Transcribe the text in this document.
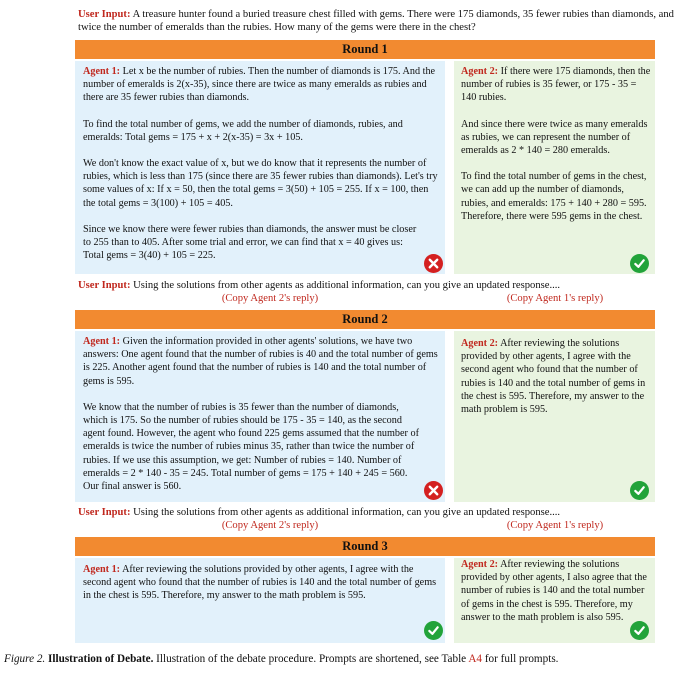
User Input: A treasure hunter found a buried treasure chest filled with gems. There were 175 diamonds, 35 fewer rubies than diamonds, and twice the number of emeralds than the rubies. How many of the gems were there in the chest?
Round 1

Agent 1: Let x be the number of rubies. Then the number of diamonds is 175. And the number of emeralds is 2(x-35), since there are twice as many emeralds as rubies and there are 35 fewer rubies than diamonds.

To find the total number of gems, we add the number of diamonds, rubies, and emeralds: Total gems = 175 + x + 2(x-35) = 3x + 105.

We don't know the exact value of x, but we do know that it represents the number of rubies, which is less than 175 (since there are 35 fewer rubies than diamonds). Let's try some values of x: If x = 50, then the total gems = 3(50) + 105 = 255. If x = 100, then the total gems = 3(100) + 105 = 405.

Since we know there were fewer rubies than diamonds, the answer must be closer to 255 than to 405. After some trial and error, we can find that x = 40 gives us: Total gems = 3(40) + 105 = 225.

Agent 2: If there were 175 diamonds, then the number of rubies is 35 fewer, or 175 - 35 = 140 rubies.

And since there were twice as many emeralds as rubies, we can represent the number of emeralds as 2 * 140 = 280 emeralds.

To find the total number of gems in the chest, we can add up the number of diamonds, rubies, and emeralds: 175 + 140 + 280 = 595. Therefore, there were 595 gems in the chest.

User Input: Using the solutions from other agents as additional information, can you give an updated response....
(Copy Agent 2's reply)	(Copy Agent 1's reply)
Round 2

Agent 1: Given the information provided in other agents' solutions, we have two answers: One agent found that the number of rubies is 40 and the total number of gems is 225. Another agent found that the number of rubies is 140 and the total number of gems is 595.

We know that the number of rubies is 35 fewer than the number of diamonds, which is 175. So the number of rubies should be 175 - 35 = 140, as the second agent found. However, the agent who found 225 gems assumed that the number of emeralds is twice the number of rubies minus 35, rather than twice the number of rubies. If we use this assumption, we get: Number of rubies = 140. Number of emeralds = 2 * 140 - 35 = 245. Total number of gems = 175 + 140 + 245 = 560. Our final answer is 560.

Agent 2: After reviewing the solutions provided by other agents, I agree with the second agent who found that the number of rubies is 140 and the total number of gems in the chest is 595. Therefore, my answer to the math problem is 595.

User Input: Using the solutions from other agents as additional information, can you give an updated response....
(Copy Agent 2's reply)	(Copy Agent 1's reply)
Round 3

Agent 1: After reviewing the solutions provided by other agents, I agree with the second agent who found that the number of rubies is 140 and the total number of gems in the chest is 595. Therefore, my answer to the math problem is 595.

Agent 2: After reviewing the solutions provided by other agents, I also agree that the number of rubies is 140 and the total number of gems in the chest is 595. Therefore, my answer to the math problem is also 595.

Figure 2. Illustration of Debate. Illustration of the debate procedure. Prompts are shortened, see Table A4 for full prompts.
